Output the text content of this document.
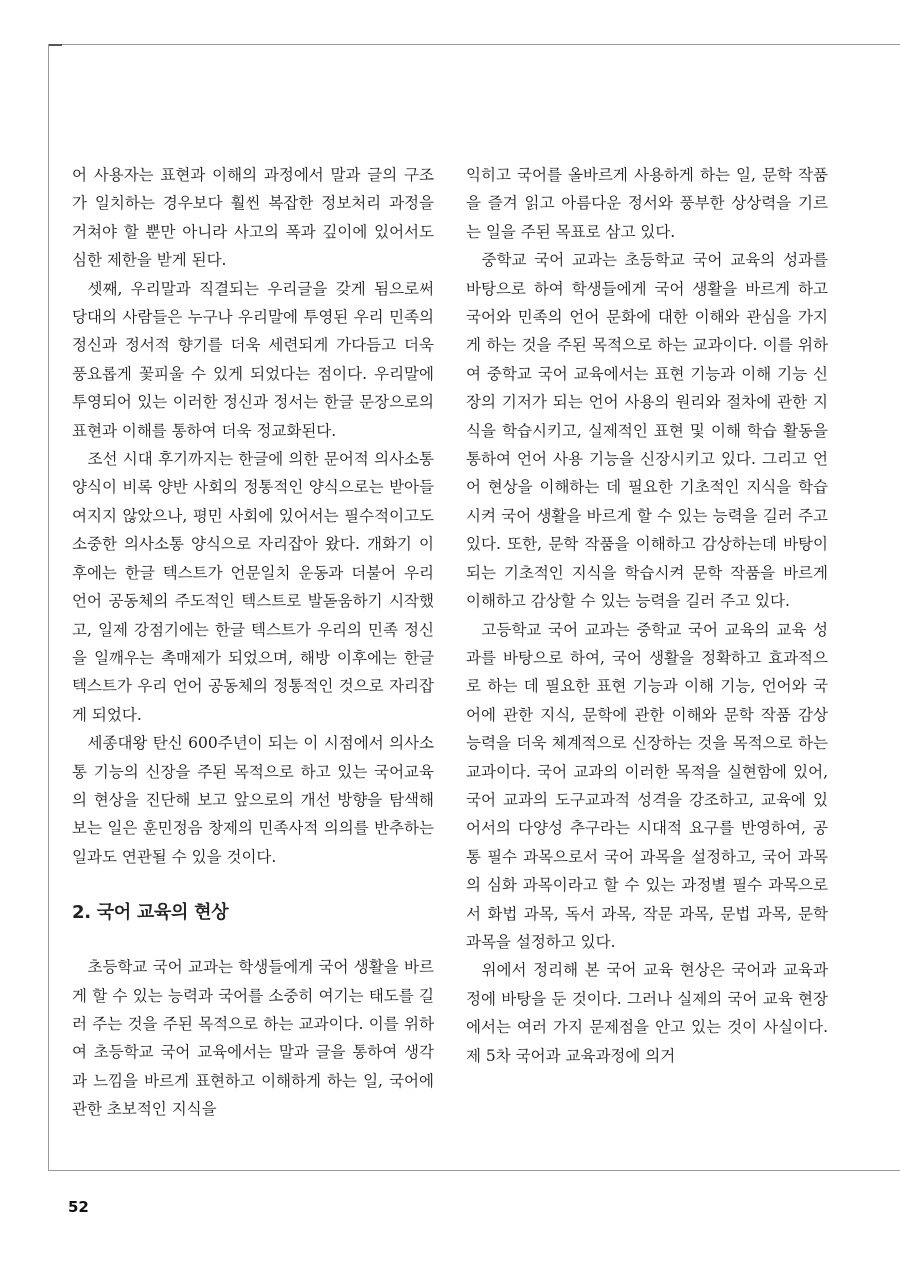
어 사용자는 표현과 이해의 과정에서 말과 글의 구조가 일치하는 경우보다 훨씬 복잡한 정보처리 과정을 거쳐야 할 뿐만 아니라 사고의 폭과 깊이에 있어서도 심한 제한을 받게 된다.

셋째, 우리말과 직결되는 우리글을 갖게 됨으로써 당대의 사람들은 누구나 우리말에 투영된 우리 민족의 정신과 정서적 향기를 더욱 세련되게 가다듬고 더욱 풍요롭게 꽃피울 수 있게 되었다는 점이다. 우리말에 투영되어 있는 이러한 정신과 정서는 한글 문장으로의 표현과 이해를 통하여 더욱 정교화된다.

조선 시대 후기까지는 한글에 의한 문어적 의사소통 양식이 비록 양반 사회의 정통적인 양식으로는 받아들여지지 않았으나, 평민 사회에 있어서는 필수적이고도 소중한 의사소통 양식으로 자리잡아 왔다. 개화기 이후에는 한글 텍스트가 언문일치 운동과 더불어 우리 언어 공동체의 주도적인 텍스트로 발돋움하기 시작했고, 일제 강점기에는 한글 텍스트가 우리의 민족 정신을 일깨우는 촉매제가 되었으며, 해방 이후에는 한글 텍스트가 우리 언어 공동체의 정통적인 것으로 자리잡게 되었다.

세종대왕 탄신 600주년이 되는 이 시점에서 의사소통 기능의 신장을 주된 목적으로 하고 있는 국어교육의 현상을 진단해 보고 앞으로의 개선 방향을 탐색해 보는 일은 훈민정음 창제의 민족사적 의의를 반추하는 일과도 연관될 수 있을 것이다.

2. 국어 교육의 현상

초등학교 국어 교과는 학생들에게 국어 생활을 바르게 할 수 있는 능력과 국어를 소중히 여기는 태도를 길러 주는 것을 주된 목적으로 하는 교과이다. 이를 위하여 초등학교 국어 교육에서는 말과 글을 통하여 생각과 느낌을 바르게 표현하고 이해하게 하는 일, 국어에 관한 초보적인 지식을

익히고 국어를 올바르게 사용하게 하는 일, 문학 작품을 즐겨 읽고 아름다운 정서와 풍부한 상상력을 기르는 일을 주된 목표로 삼고 있다.

중학교 국어 교과는 초등학교 국어 교육의 성과를 바탕으로 하여 학생들에게 국어 생활을 바르게 하고 국어와 민족의 언어 문화에 대한 이해와 관심을 가지게 하는 것을 주된 목적으로 하는 교과이다. 이를 위하여 중학교 국어 교육에서는 표현 기능과 이해 기능 신장의 기저가 되는 언어 사용의 원리와 절차에 관한 지식을 학습시키고, 실제적인 표현 및 이해 학습 활동을 통하여 언어 사용 기능을 신장시키고 있다. 그리고 언어 현상을 이해하는 데 필요한 기초적인 지식을 학습시켜 국어 생활을 바르게 할 수 있는 능력을 길러 주고 있다. 또한, 문학 작품을 이해하고 감상하는데 바탕이 되는 기초적인 지식을 학습시켜 문학 작품을 바르게 이해하고 감상할 수 있는 능력을 길러 주고 있다.

고등학교 국어 교과는 중학교 국어 교육의 교육 성과를 바탕으로 하여, 국어 생활을 정확하고 효과적으로 하는 데 필요한 표현 기능과 이해 기능, 언어와 국어에 관한 지식, 문학에 관한 이해와 문학 작품 감상 능력을 더욱 체계적으로 신장하는 것을 목적으로 하는 교과이다. 국어 교과의 이러한 목적을 실현함에 있어, 국어 교과의 도구교과적 성격을 강조하고, 교육에 있어서의 다양성 추구라는 시대적 요구를 반영하여, 공통 필수 과목으로서 국어 과목을 설정하고, 국어 과목의 심화 과목이라고 할 수 있는 과정별 필수 과목으로서 화법 과목, 독서 과목, 작문 과목, 문법 과목, 문학 과목을 설정하고 있다.

위에서 정리해 본 국어 교육 현상은 국어과 교육과정에 바탕을 둔 것이다. 그러나 실제의 국어 교육 현장에서는 여러 가지 문제점을 안고 있는 것이 사실이다. 제 5차 국어과 교육과정에 의거

52
